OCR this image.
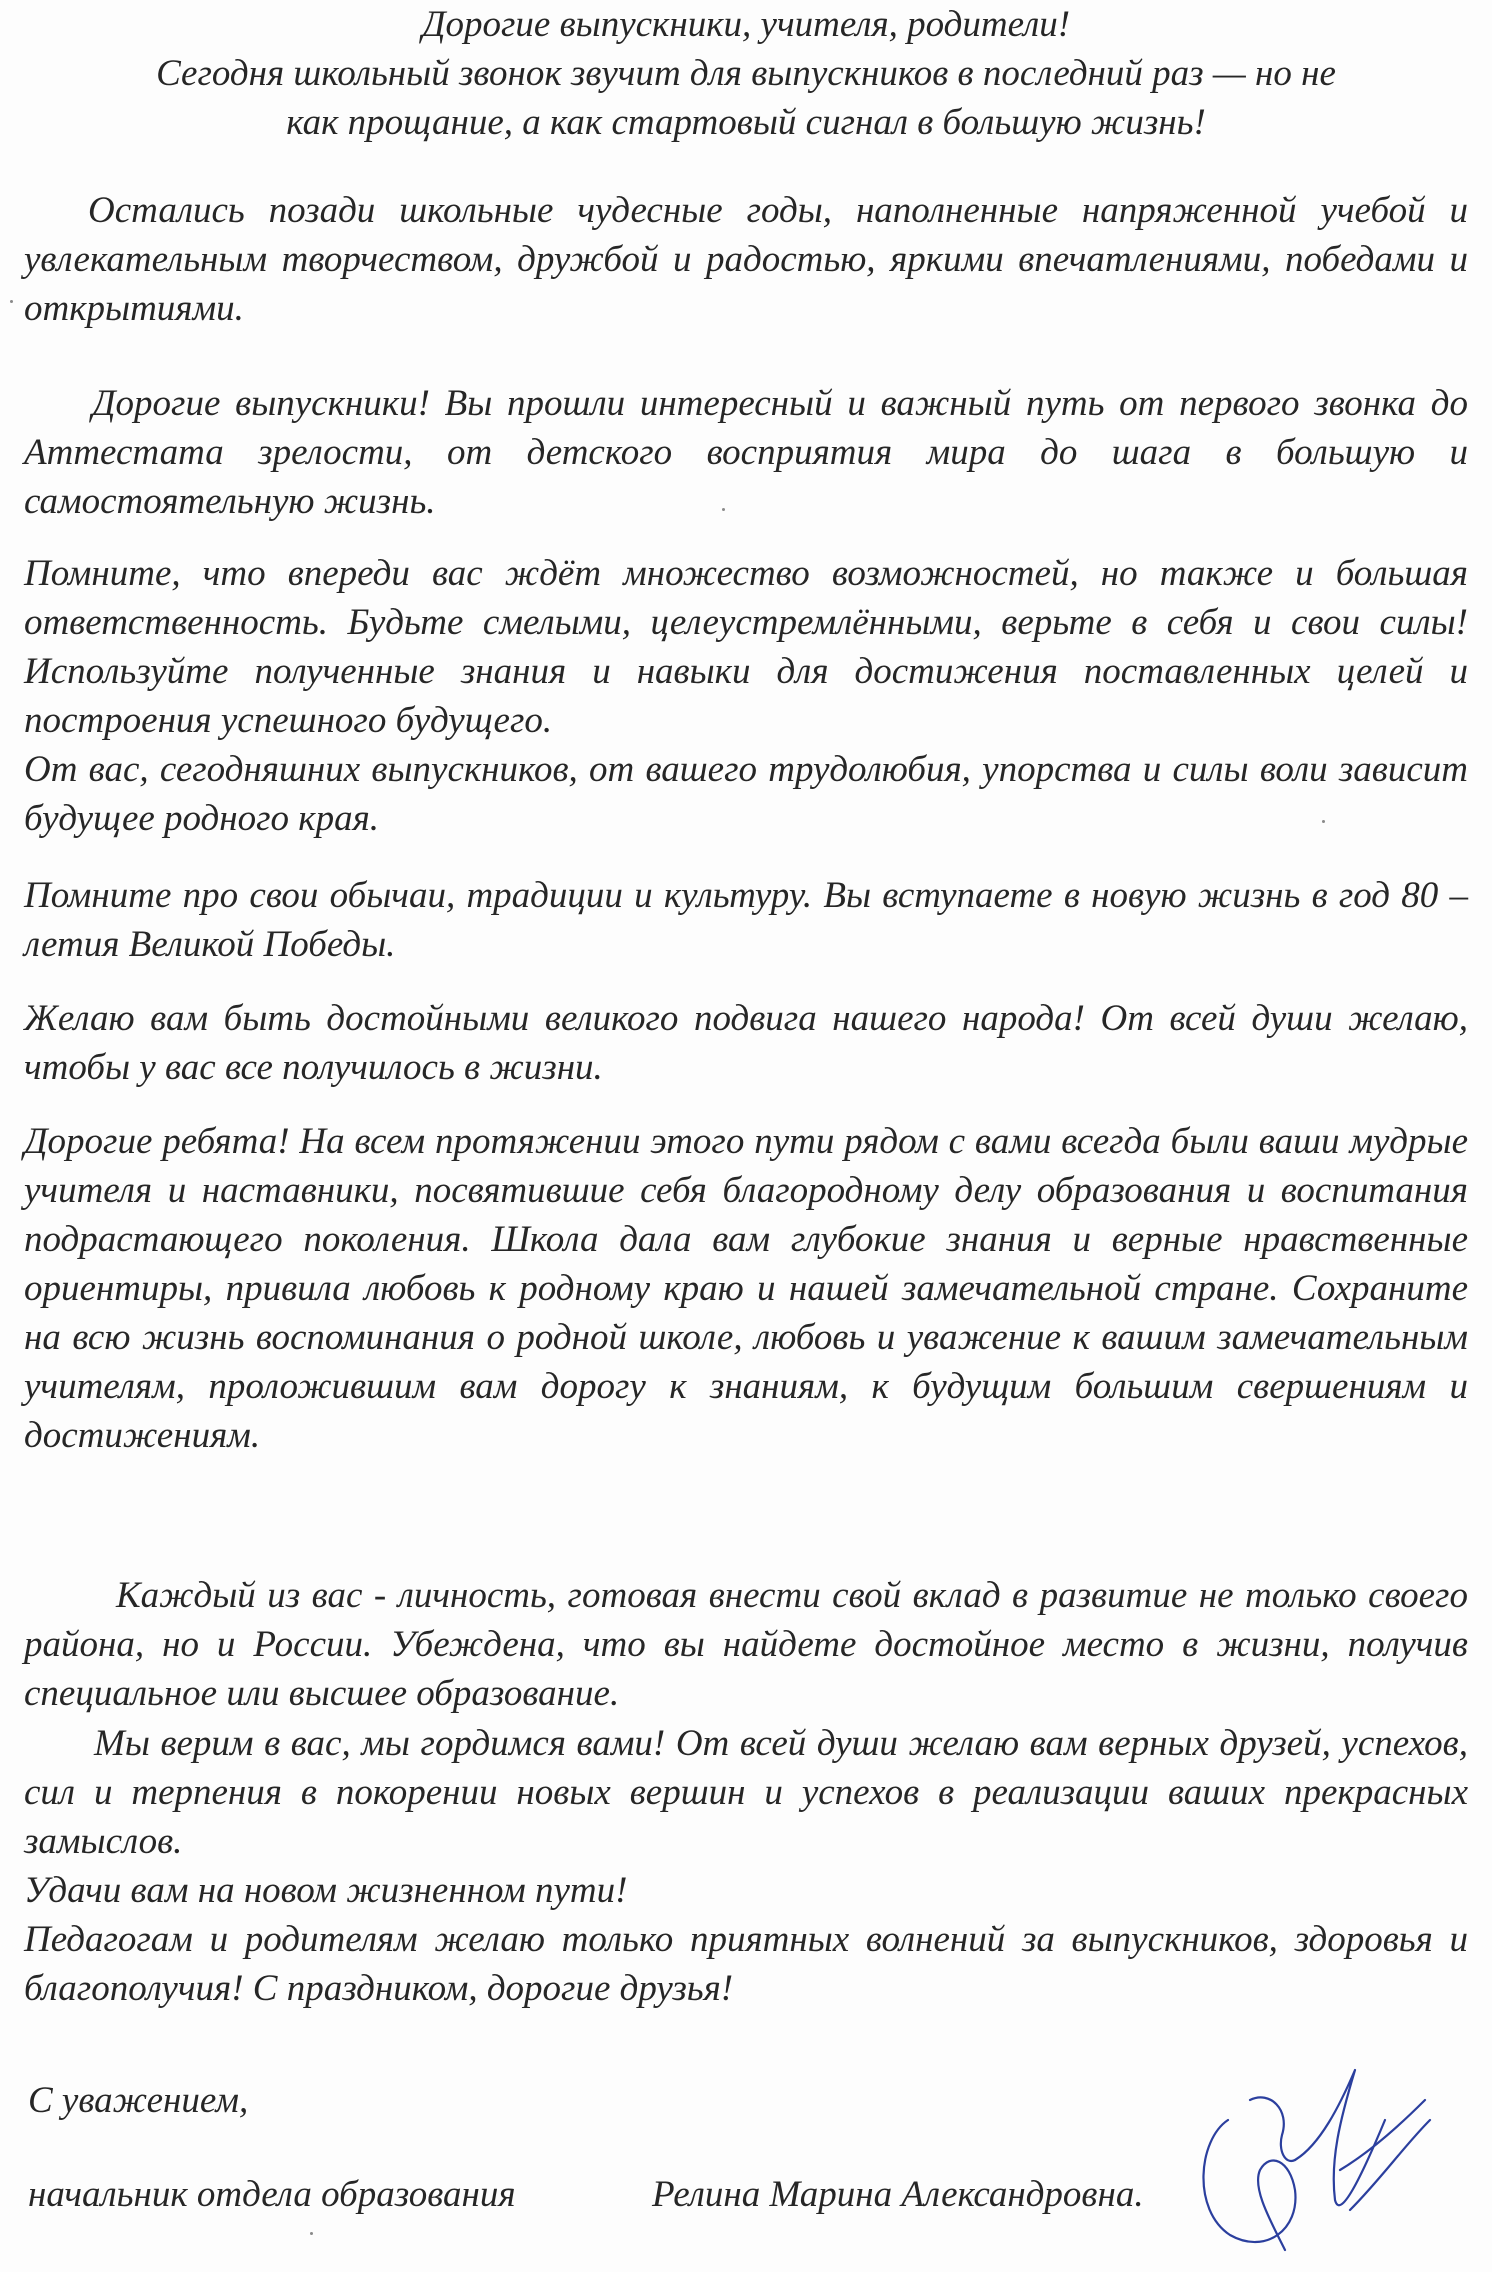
Дорогие выпускники, учителя, родители!

Сегодня школьный звонок звучит для выпускников в последний раз — но не

как прощание, а как стартовый сигнал в большую жизнь!

Остались позади школьные чудесные годы, наполненные напряженной учебой и увлекательным творчеством, дружбой и радостью, яркими впечатлениями, победами и открытиями.

Дорогие выпускники! Вы прошли интересный и важный путь от первого звонка до Аттестата зрелости, от детского восприятия мира до шага в большую и самостоятельную жизнь.

Помните, что впереди вас ждёт множество возможностей, но также и большая ответственность. Будьте смелыми, целеустремлёнными, верьте в себя и свои силы! Используйте полученные знания и навыки для достижения поставленных целей и построения успешного будущего.

От вас, сегодняшних выпускников, от вашего трудолюбия, упорства и силы воли зависит будущее родного края.

Помните про свои обычаи, традиции и культуру. Вы вступаете в новую жизнь в год 80 – летия Великой Победы.

Желаю вам быть достойными великого подвига нашего народа! От всей души желаю, чтобы у вас все получилось в жизни.

Дорогие ребята! На всем протяжении этого пути рядом с вами всегда были ваши мудрые учителя и наставники, посвятившие себя благородному делу образования и воспитания подрастающего поколения. Школа дала вам глубокие знания и верные нравственные ориентиры, привила любовь к родному краю и нашей замечательной стране. Сохраните на всю жизнь воспоминания о родной школе, любовь и уважение к вашим замечательным учителям, проложившим вам дорогу к знаниям, к будущим большим свершениям и достижениям.

Каждый из вас - личность, готовая внести свой вклад в развитие не только своего района, но и России. Убеждена, что вы найдете достойное место в жизни, получив специальное или высшее образование.

Мы верим в вас, мы гордимся вами! От всей души желаю вам верных друзей, успехов, сил и терпения в покорении новых вершин и успехов в реализации ваших прекрасных замыслов.

Удачи вам на новом жизненном пути!

Педагогам и родителям желаю только приятных волнений за выпускников, здоровья и благополучия! С праздником, дорогие друзья!

С уважением,
начальник отдела образования	Релина Марина Александровна.
